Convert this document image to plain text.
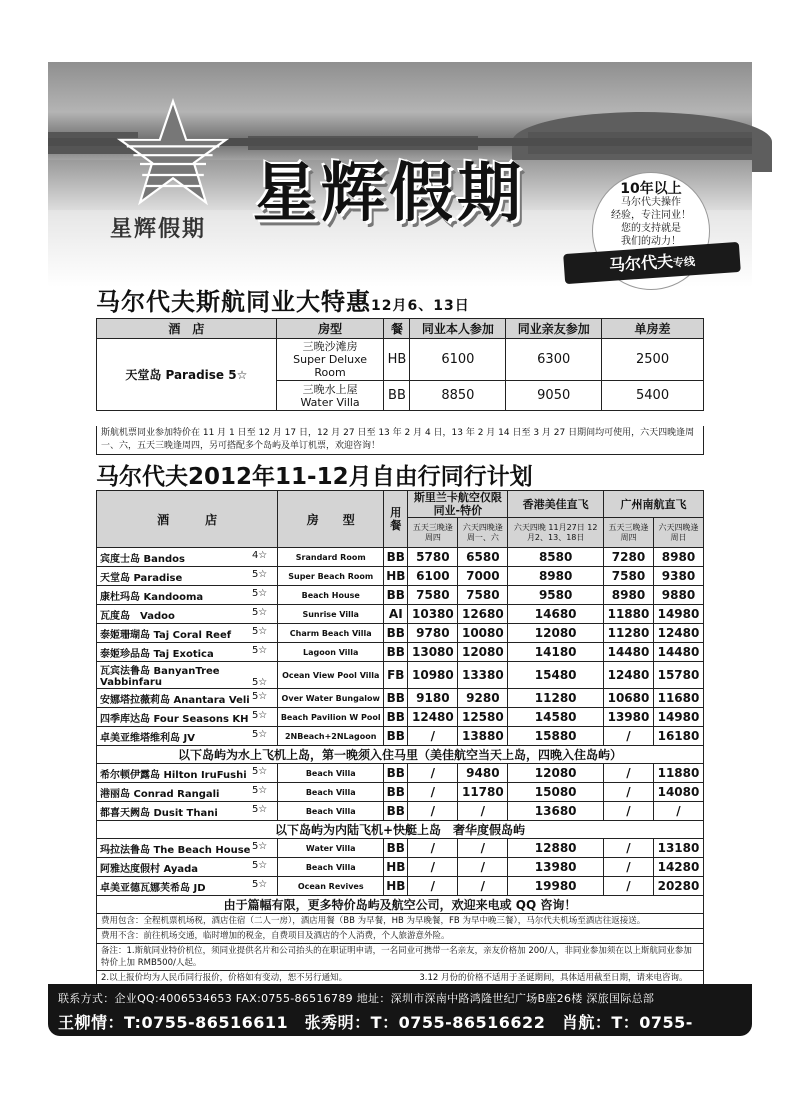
星辉假期 星辉假期	10年以上
马尔代夫操作
经验，专注同业！
您的支持就是
我们的动力！
马尔代夫专线
马尔代夫斯航同业大特惠12月6、13日
酒　店	房型	餐	同业本人参加	同业亲友参加	单房差
天堂岛 Paradise 5☆	三晚沙滩房
Super Deluxe
Room	HB	6100	6300	2500

	三晚水上屋
Water Villa	BB	8850	9050	5400
斯航机票同业参加特价在 11 月 1 日至 12 月 17 日，12 月 27 日至 13 年 2 月 4 日，13 年 2 月 14 日至 3 月 27 日期间均可使用，六天四晚逢周一、六，五天三晚逢周四，另可搭配多个岛屿及单订机票，欢迎咨询！
马尔代夫2012年11-12月自由行同行计划
酒　　　店	房　　型	用餐	斯里兰卡航空仅限同业-特价		香港美佳直飞	广州南航直飞	
			五天三晚逢周四	六天四晚逢周一、六	六天四晚 11月27日 12月2、13、18日	五天三晚逢周四	六天四晚逢周日
宾度士岛 Bandos 4☆	Srandard Room	BB	5780	6580	8580	7280	8980
天堂岛 Paradise 5☆	Super Beach Room	HB	6100	7000	8980	7580	9380
康杜玛岛 Kandooma 5☆	Beach House	BB	7580	7580	9580	8980	9880
瓦度岛　Vadoo 5☆	Sunrise Villa	AI	10380	12680	14680	11880	14980
泰姬珊瑚岛 Taj Coral Reef 5☆	Charm Beach Villa	BB	9780	10080	12080	11280	12480
泰姬珍品岛 Taj Exotica 5☆	Lagoon Villa	BB	13080	12080	14180	14480	14480
瓦宾法鲁岛 BanyanTree Vabbinfaru 5☆	Ocean View Pool Villa	FB	10980	13380	15480	12480	15780
安娜塔拉薇莉岛 Anantara Veli 5☆	Over Water Bungalow	BB	9180	9280	11280	10680	11680
四季库达岛 Four Seasons KH 5☆	Beach Pavilion W Pool	BB	12480	12580	14580	13980	14980
卓美亚维塔维利岛 JV 5☆	2NBeach+2NLagoon	BB	/	13880	15880	/	16180
以下岛屿为水上飞机上岛，第一晚须入住马里（美佳航空当天上岛，四晚入住岛屿）							
希尔顿伊露岛 Hilton IruFushi 5☆	Beach Villa	BB	/	9480	12080	/	11880
港丽岛 Conrad Rangali 5☆	Beach Villa	BB	/	11780	15080	/	14080
都喜天阙岛 Dusit Thani 5☆	Beach Villa	BB	/	/	13680	/	/
以下岛屿为内陆飞机+快艇上岛　奢华度假岛屿							
玛拉法鲁岛 The Beach House 5☆	Water Villa	BB	/	/	12880	/	13180
阿雅达度假村 Ayada 5☆	Beach Villa	HB	/	/	13980	/	14280
卓美亚德瓦娜芙希岛 JD 5☆	Ocean Revives	HB	/	/	19980	/	20280
由于篇幅有限，更多特价岛屿及航空公司，欢迎来电或 QQ 咨询！							
费用包含：全程机票机场税，酒店住宿（二人一房），酒店用餐（BB 为早餐，HB 为早晚餐，FB 为早中晚三餐），马尔代夫机场至酒店往返接送。							
费用不含：前往机场交通，临时增加的税金，自费项目及酒店的个人消费，个人旅游意外险。							
备注：1.斯航同业特价机位，须同业提供名片和公司抬头的在职证明申请，一名同业可携带一名亲友，亲友价格加 200/人，非同业参加须在以上斯航同业参加特价上加 RMB500/人起。							
2.以上报价均为人民币同行报价，价格如有变动，恕不另行通知。　　　　　　　　　3.12 月份的价格不适用于圣诞期间，具体适用截至日期，请来电咨询。							
联系方式：企业QQ:4006534653 FAX:0755-86516789 地址：深圳市深南中路鸿隆世纪广场B座26楼 深旅国际总部
王柳情：T:0755-86516611　张秀明：T：0755-86516622　肖航：T：0755-86516633
